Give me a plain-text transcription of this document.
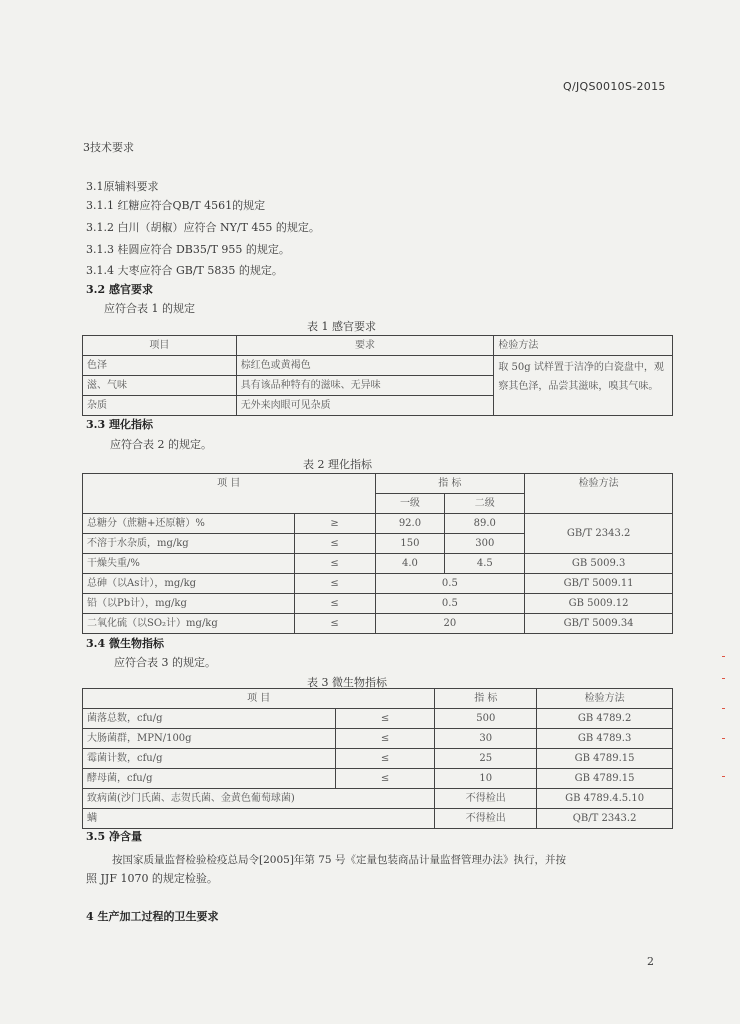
Q/JQS0010S-2015
3技术要求
3.1原辅料要求
3.1.1 红糖应符合QB/T 4561的规定
3.1.2 白川（胡椒）应符合 NY/T 455 的规定。
3.1.3 桂圆应符合 DB35/T 955 的规定。
3.1.4 大枣应符合 GB/T 5835 的规定。
3.2 感官要求
应符合表 1 的规定
表 1 感官要求
项目	要求	检验方法
色泽	棕红色或黄褐色	取 50g 试样置于洁净的白瓷盘中，观察其色泽，品尝其滋味，嗅其气味。
滋、气味	具有该品种特有的滋味、无异味	
杂质	无外来肉眼可见杂质	
3.3 理化指标
应符合表 2 的规定。
表 2 理化指标
项 目		指 标		检验方法
		一级	二级	
总糖分（蔗糖+还原糖）%	≥	92.0	89.0	GB/T 2343.2
不溶于水杂质，mg/kg	≤	150	300	
干燥失重/%	≤	4.0	4.5	GB 5009.3
总砷（以As计），mg/kg	≤	0.5		GB/T 5009.11
铅（以Pb计），mg/kg	≤	0.5		GB 5009.12
二氧化硫（以SO₂计）mg/kg	≤	20		GB/T 5009.34
3.4 微生物指标
应符合表 3 的规定。
表 3 微生物指标
项 目		指 标	检验方法
菌落总数，cfu/g	≤	500	GB 4789.2
大肠菌群，MPN/100g	≤	30	GB 4789.3
霉菌计数，cfu/g	≤	25	GB 4789.15
酵母菌，cfu/g	≤	10	GB 4789.15
致病菌(沙门氏菌、志贺氏菌、金黄色葡萄球菌)		不得检出	GB 4789.4.5.10
螨		不得检出	QB/T 2343.2
3.5 净含量
按国家质量监督检验检疫总局令[2005]年第 75 号《定量包装商品计量监督管理办法》执行，并按
照 JJF 1070 的规定检验。
4 生产加工过程的卫生要求
2
